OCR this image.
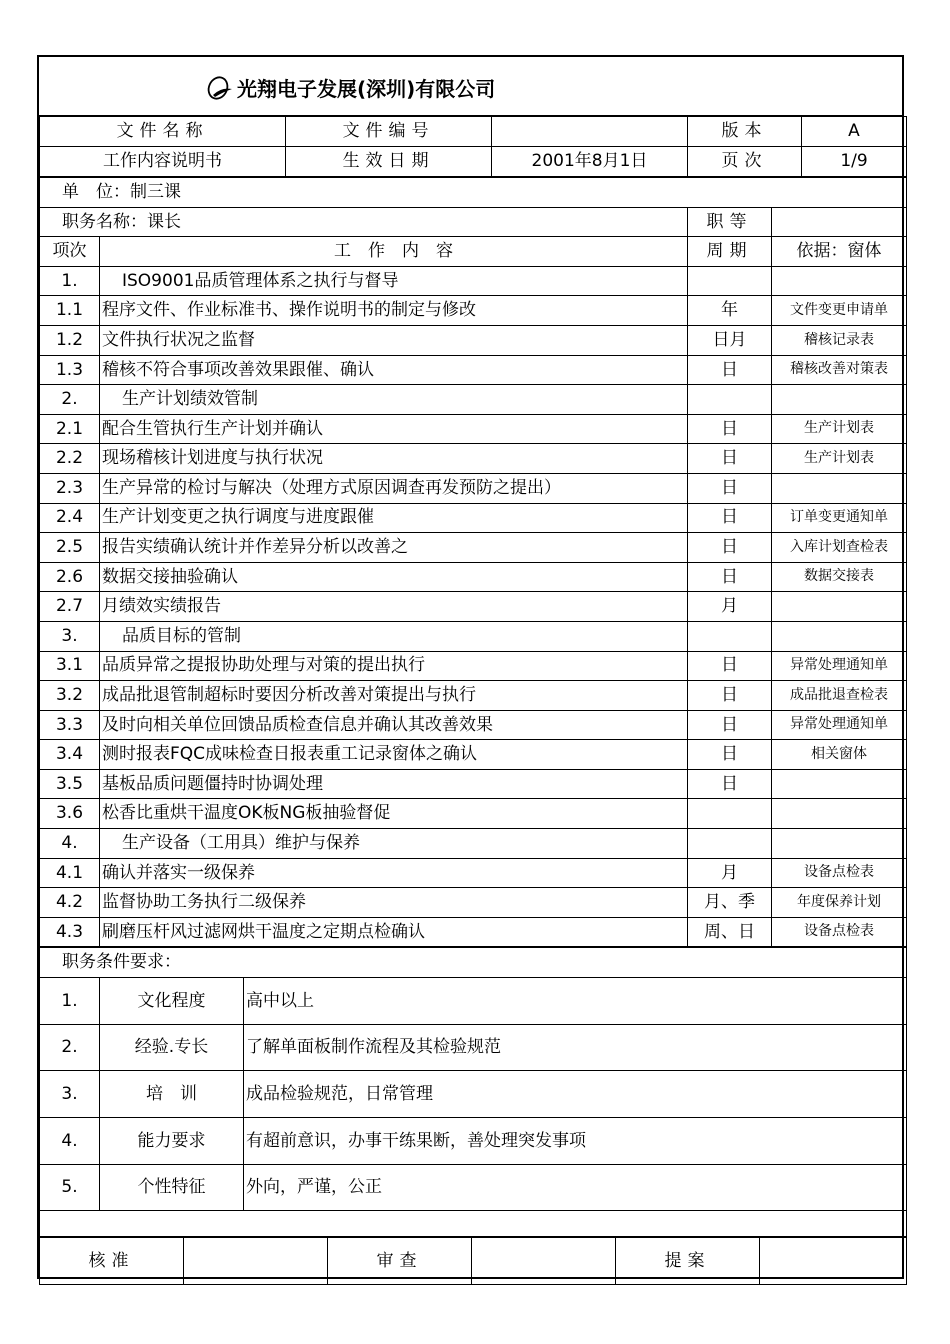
光翔电子发展(深圳)有限公司
文件名称	文件编号		版本	A
工作内容说明书	生效日期	2001年8月1日	页次	1/9
单　位：制三课			
职务名称：课长		职等	
项次	工　作　内　容	周期	依据：窗体
1.	ISO9001品质管理体系之执行与督导		
1.1	程序文件、作业标准书、操作说明书的制定与修改	年	文件变更申请单
1.2	文件执行状况之监督	日月	稽核记录表
1.3	稽核不符合事项改善效果跟催、确认	日	稽核改善对策表
2.	生产计划绩效管制		
2.1	配合生管执行生产计划并确认	日	生产计划表
2.2	现场稽核计划进度与执行状况	日	生产计划表
2.3	生产异常的检讨与解决（处理方式原因调查再发预防之提出）	日	
2.4	生产计划变更之执行调度与进度跟催	日	订单变更通知单
2.5	报告实绩确认统计并作差异分析以改善之	日	入库计划查检表
2.6	数据交接抽验确认	日	数据交接表
2.7	月绩效实绩报告	月	
3.	品质目标的管制		
3.1	品质异常之提报协助处理与对策的提出执行	日	异常处理通知单
3.2	成品批退管制超标时要因分析改善对策提出与执行	日	成品批退查检表
3.3	及时向相关单位回馈品质检查信息并确认其改善效果	日	异常处理通知单
3.4	测时报表FQC成味检查日报表重工记录窗体之确认	日	相关窗体
3.5	基板品质问题僵持时协调处理	日	
3.6	松香比重烘干温度OK板NG板抽验督促		
4.	生产设备（工用具）维护与保养		
4.1	确认并落实一级保养	月	设备点检表
4.2	监督协助工务执行二级保养	月、季	年度保养计划
4.3	刷磨压杆风过滤网烘干温度之定期点检确认	周、日	设备点检表
职务条件要求：		
1.	文化程度	高中以上
2.	经验.专长	了解单面板制作流程及其检验规范
3.	培　训	成品检验规范，日常管理
4.	能力要求	有超前意识，办事干练果断，善处理突发事项
5.	个性特征	外向，严谨，公正

核准		审查		提案	
